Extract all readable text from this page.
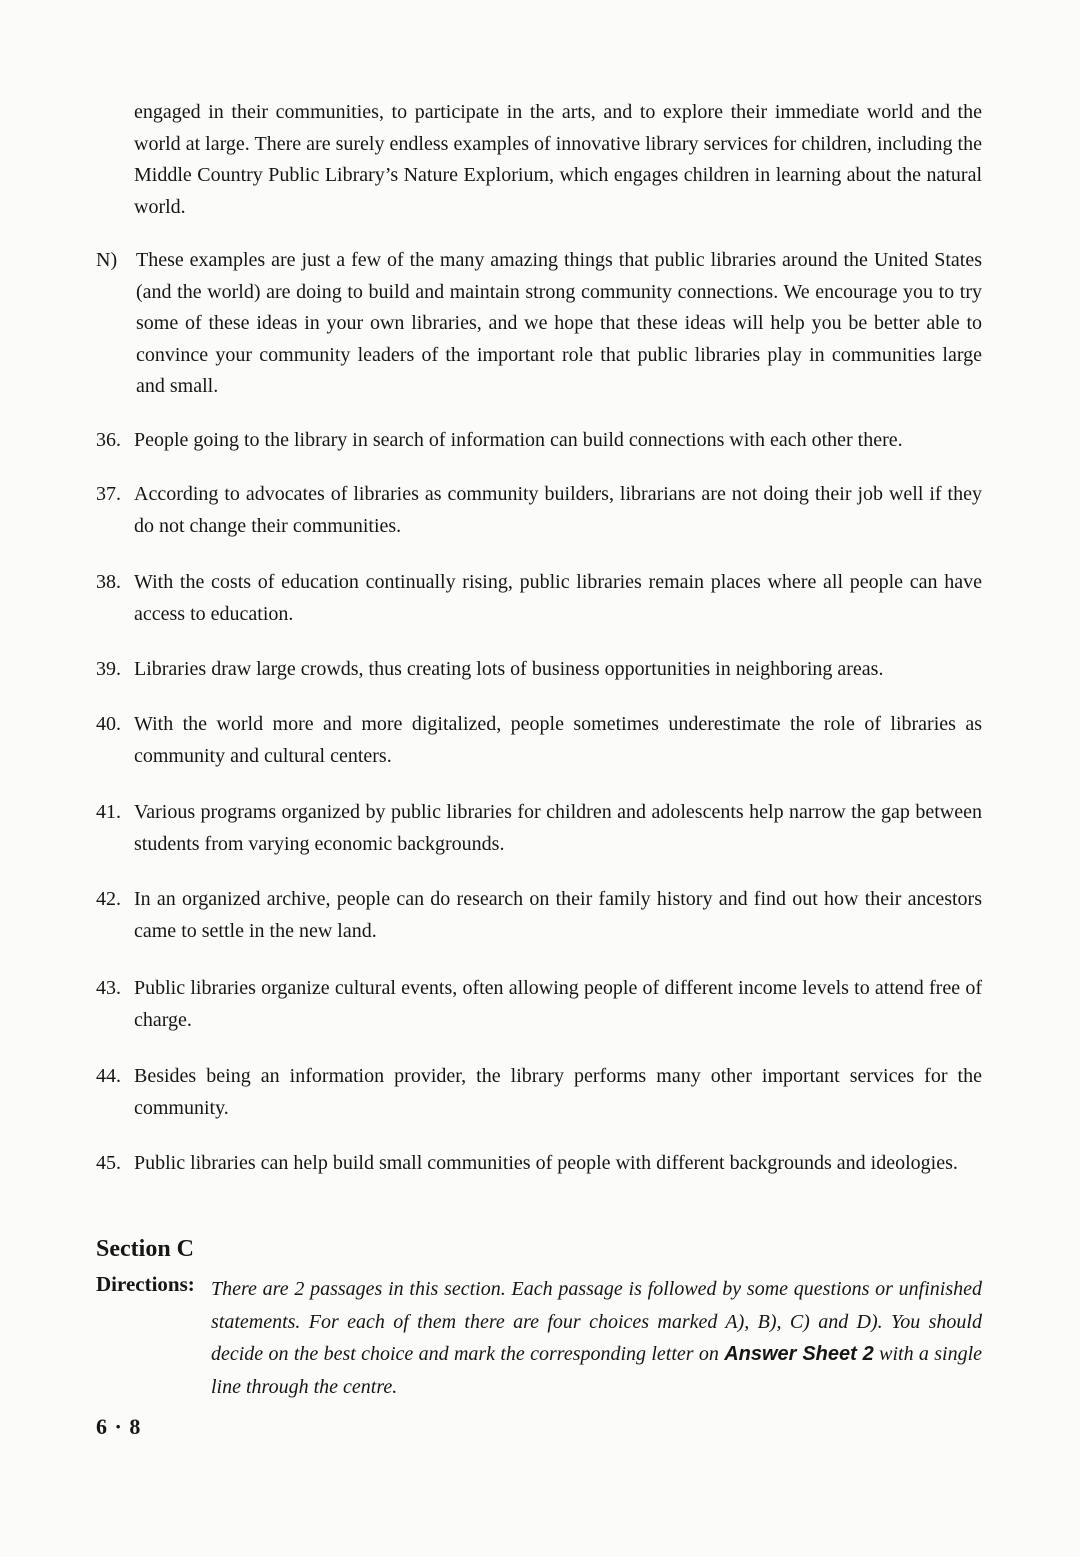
engaged in their communities, to participate in the arts, and to explore their immediate world and the world at large. There are surely endless examples of innovative library services for children, including the Middle Country Public Library’s Nature Explorium, which engages children in learning about the natural world.

N) These examples are just a few of the many amazing things that public libraries around the United States (and the world) are doing to build and maintain strong community connections. We encourage you to try some of these ideas in your own libraries, and we hope that these ideas will help you be better able to convince your community leaders of the important role that public libraries play in communities large and small.
36. People going to the library in search of information can build connections with each other there.
37. According to advocates of libraries as community builders, librarians are not doing their job well if they do not change their communities.
38. With the costs of education continually rising, public libraries remain places where all people can have access to education.
39. Libraries draw large crowds, thus creating lots of business opportunities in neighboring areas.
40. With the world more and more digitalized, people sometimes underestimate the role of libraries as community and cultural centers.
41. Various programs organized by public libraries for children and adolescents help narrow the gap between students from varying economic backgrounds.
42. In an organized archive, people can do research on their family history and find out how their ancestors came to settle in the new land.
43. Public libraries organize cultural events, often allowing people of different income levels to attend free of charge.
44. Besides being an information provider, the library performs many other important services for the community.
45. Public libraries can help build small communities of people with different backgrounds and ideologies.
Section C
Directions: There are 2 passages in this section. Each passage is followed by some questions or unfinished statements. For each of them there are four choices marked A), B), C) and D). You should decide on the best choice and mark the corresponding letter on Answer Sheet 2 with a single line through the centre.
6 · 8
